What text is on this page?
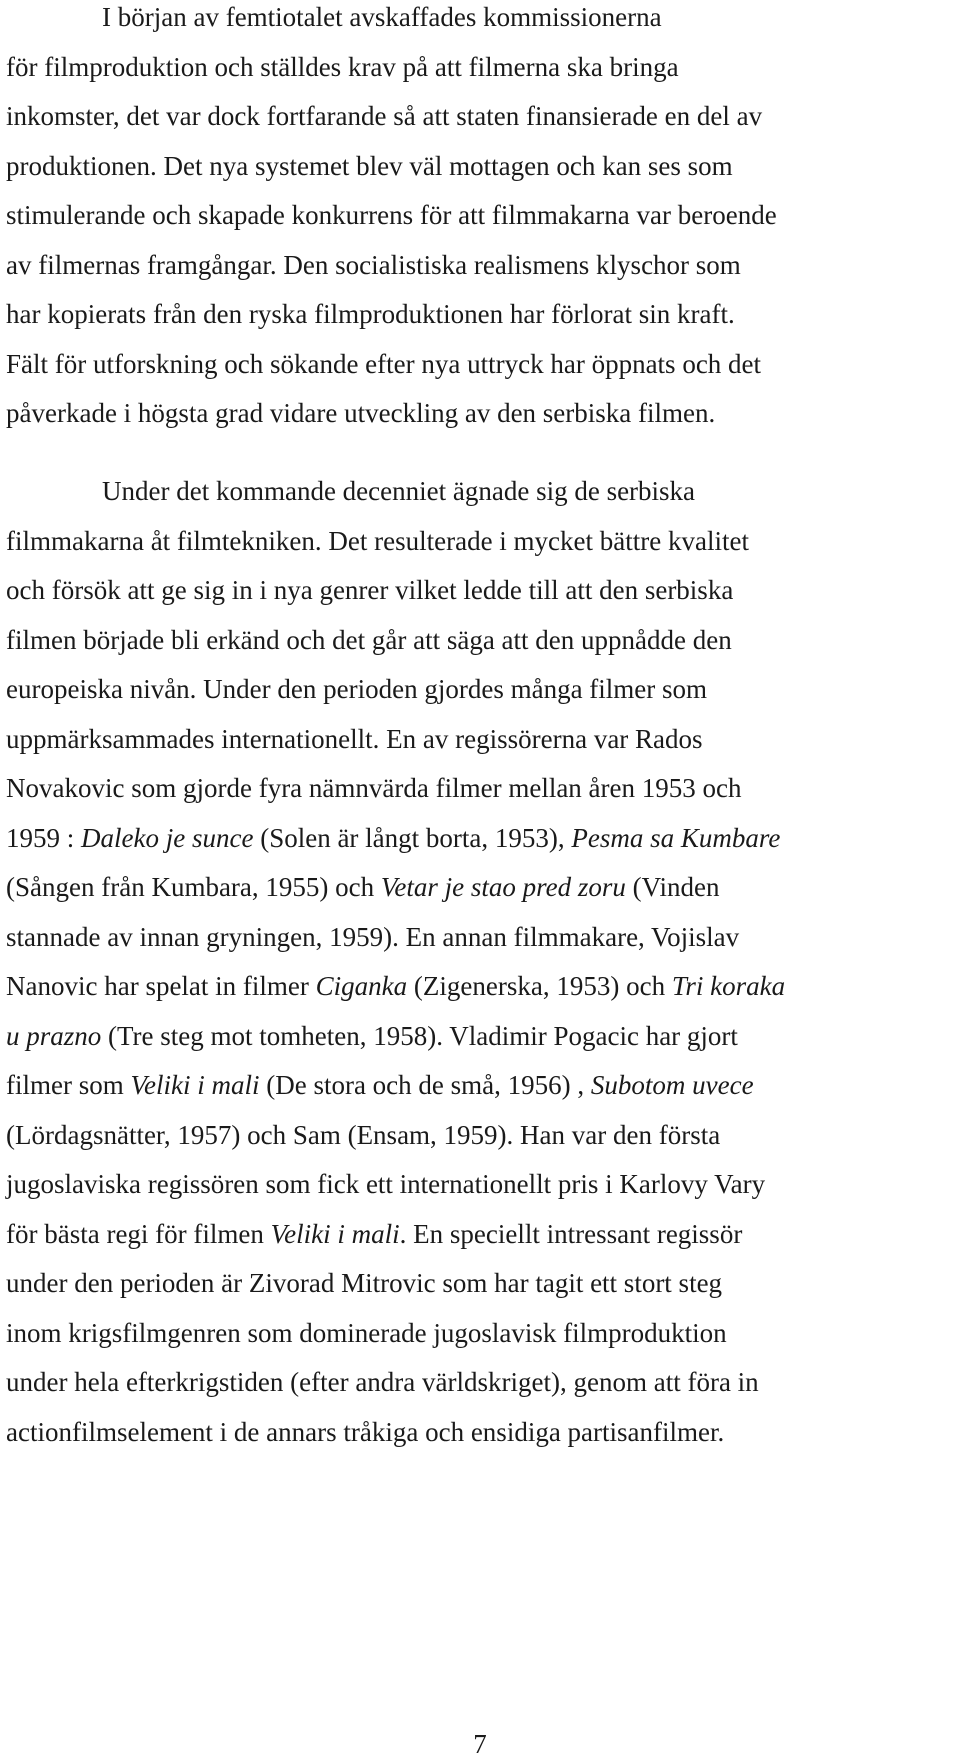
I början av femtiotalet avskaffades kommissionerna
för filmproduktion och ställdes krav på att filmerna ska bringa
inkomster, det var dock fortfarande så att staten finansierade en del av
produktionen. Det nya systemet blev väl mottagen och kan ses som
stimulerande och skapade konkurrens för att filmmakarna var beroende
av filmernas framgångar. Den socialistiska realismens klyschor som
har kopierats från den ryska filmproduktionen har förlorat sin kraft.
Fält för utforskning och sökande efter nya uttryck har öppnats och det
påverkade i högsta grad vidare utveckling av den serbiska filmen.

Under det kommande decenniet ägnade sig de serbiska
filmmakarna åt filmtekniken. Det resulterade i mycket bättre kvalitet
och försök att ge sig in i nya genrer vilket ledde till att den serbiska
filmen började bli erkänd och det går att säga att den uppnådde den
europeiska nivån. Under den perioden gjordes många filmer som
uppmärksammades internationellt. En av regissörerna var Rados
Novakovic som gjorde fyra nämnvärda filmer mellan åren 1953 och
1959 : Daleko je sunce (Solen är långt borta, 1953), Pesma sa Kumbare
(Sången från Kumbara, 1955) och Vetar je stao pred zoru (Vinden
stannade av innan gryningen, 1959). En annan filmmakare, Vojislav
Nanovic har spelat in filmer Ciganka (Zigenerska, 1953) och Tri koraka
u prazno (Tre steg mot tomheten, 1958). Vladimir Pogacic har gjort
filmer som Veliki i mali (De stora och de små, 1956) , Subotom uvece
(Lördagsnätter, 1957) och Sam (Ensam, 1959). Han var den första
jugoslaviska regissören som fick ett internationellt pris i Karlovy Vary
för bästa regi för filmen Veliki i mali. En speciellt intressant regissör
under den perioden är Zivorad Mitrovic som har tagit ett stort steg
inom krigsfilmgenren som dominerade jugoslavisk filmproduktion
under hela efterkrigstiden (efter andra världskriget), genom att föra in
actionfilmselement i de annars tråkiga och ensidiga partisanfilmer.

7
